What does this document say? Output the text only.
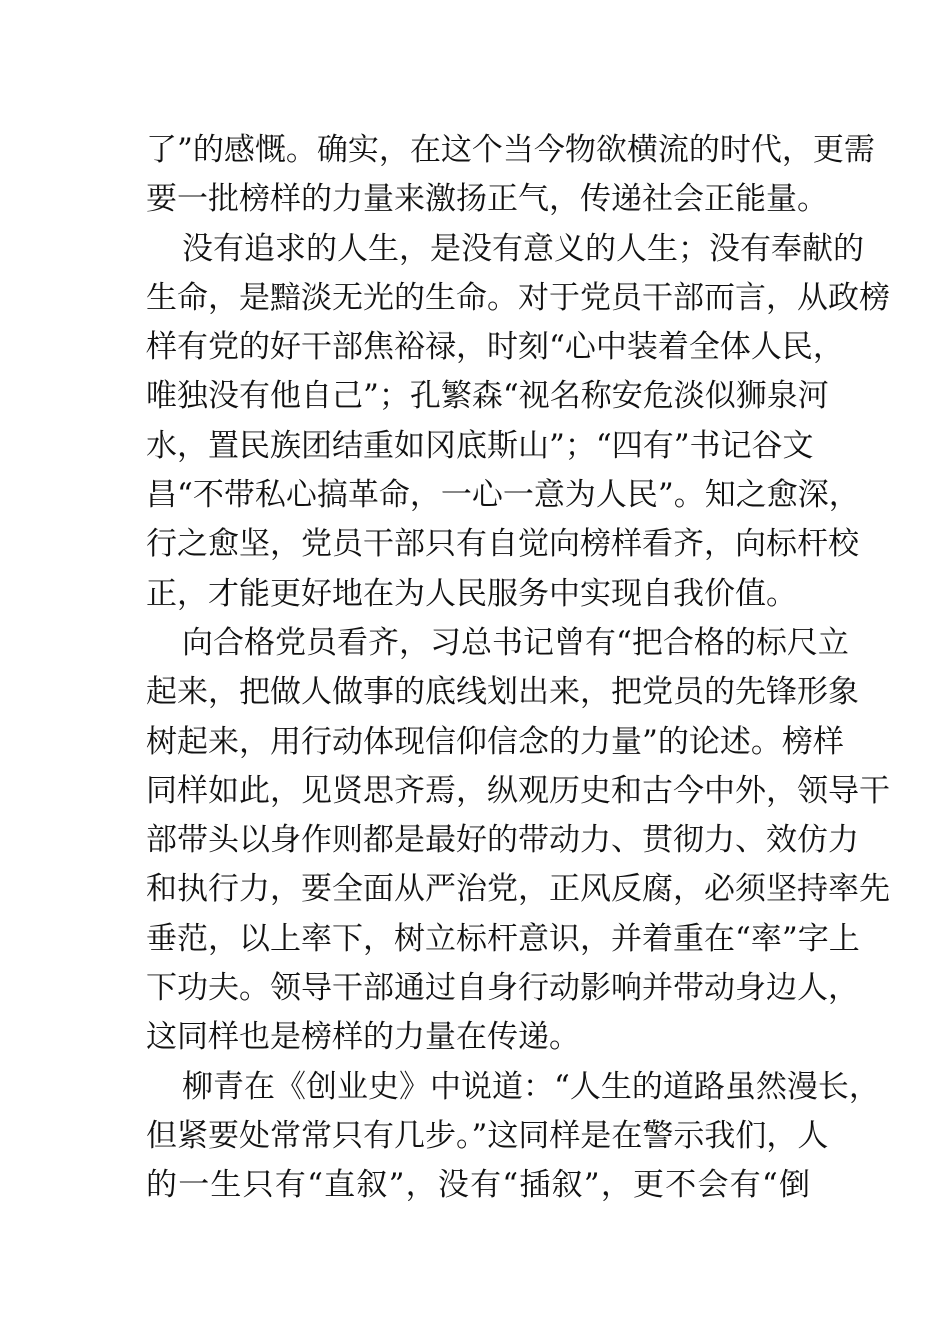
了”的感慨。确实，在这个当今物欲横流的时代，更需
要一批榜样的力量来激扬正气，传递社会正能量。
没有追求的人生，是没有意义的人生；没有奉献的
生命，是黯淡无光的生命。对于党员干部而言，从政榜
样有党的好干部焦裕禄，时刻“心中装着全体人民，
唯独没有他自己”；孔繁森“视名称安危淡似狮泉河
水，置民族团结重如冈底斯山”；“四有”书记谷文
昌“不带私心搞革命，一心一意为人民”。知之愈深，
行之愈坚，党员干部只有自觉向榜样看齐，向标杆校
正，才能更好地在为人民服务中实现自我价值。
向合格党员看齐，习总书记曾有“把合格的标尺立
起来，把做人做事的底线划出来，把党员的先锋形象
树起来，用行动体现信仰信念的力量”的论述。榜样
同样如此，见贤思齐焉，纵观历史和古今中外，领导干
部带头以身作则都是最好的带动力、贯彻力、效仿力
和执行力，要全面从严治党，正风反腐，必须坚持率先
垂范，以上率下，树立标杆意识，并着重在“率”字上
下功夫。领导干部通过自身行动影响并带动身边人，
这同样也是榜样的力量在传递。
柳青在《创业史》中说道：“人生的道路虽然漫长，
但紧要处常常只有几步。”这同样是在警示我们，人
的一生只有“直叙”，没有“插叙”，更不会有“倒
